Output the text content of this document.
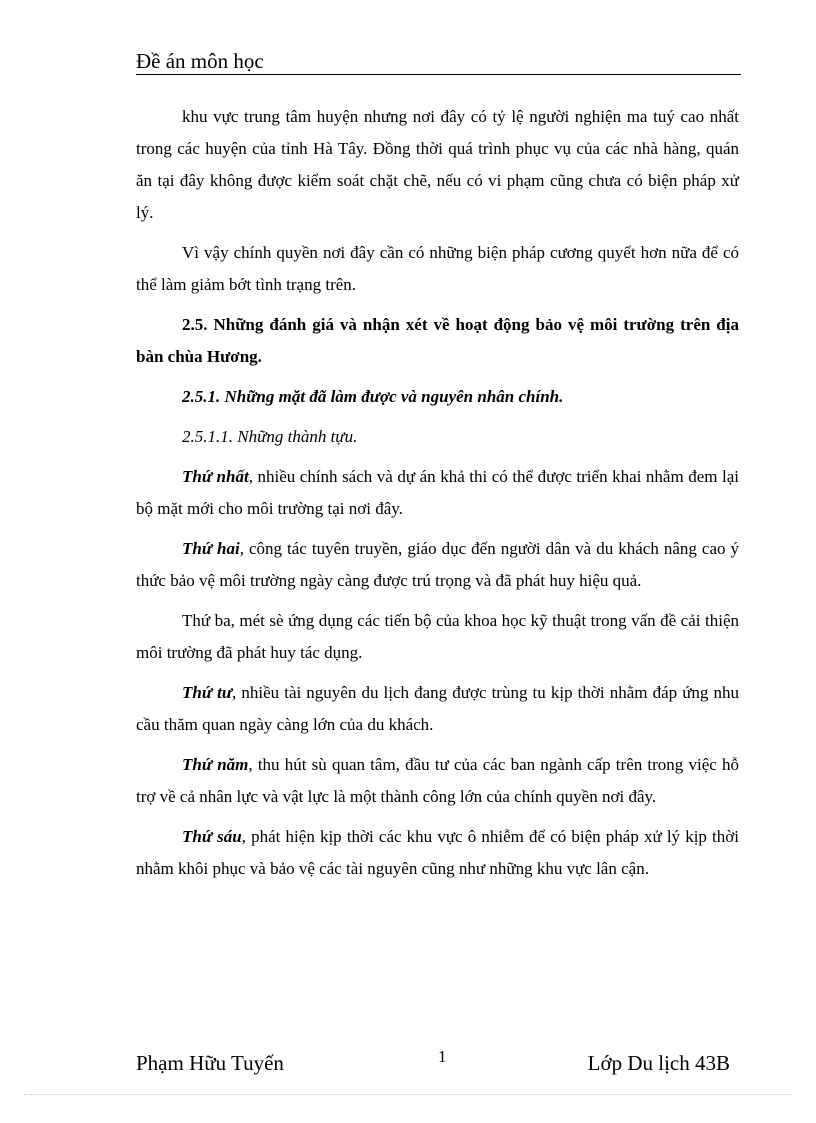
Đề án môn học

khu vực trung tâm huyện nhưng nơi đây có tỷ lệ người nghiện ma tuý cao nhất trong các huyện của tỉnh Hà Tây. Đồng thời quá trình phục vụ của các nhà hàng, quán ăn tại đây không được kiểm soát chặt chẽ, nếu có vi phạm cũng chưa có biện pháp xử lý.

Vì vậy chính quyền nơi đây cần có những biện pháp cương quyết hơn nữa để có thể làm giảm bớt tình trạng trên.

2.5. Những đánh giá và nhận xét về hoạt động bảo vệ môi trường trên địa bàn chùa Hương.

2.5.1. Những mặt đã làm được và nguyên nhân chính.

2.5.1.1. Những thành tựu.

Thứ nhất, nhiều chính sách và dự án khả thi có thể được triển khai nhằm đem lại bộ mặt mới cho môi trường tại nơi đây.

Thứ hai, công tác tuyên truyền, giáo dục đến người dân và du khách nâng cao ý thức bảo vệ môi trường ngày càng được trú trọng và đã phát huy hiệu quả.

Thứ ba, mét sè ứng dụng các tiến bộ của khoa học kỹ thuật trong vấn đề cải thiện môi trường đã phát huy tác dụng.

Thứ tư, nhiều tài nguyên du lịch đang được trùng tu kịp thời nhằm đáp ứng nhu cầu thăm quan ngày càng lớn của du khách.

Thứ năm, thu hút sù quan tâm, đầu tư của các ban ngành cấp trên trong việc hỗ trợ về cả nhân lực và vật lực là một thành công lớn của chính quyền nơi đây.

Thứ sáu, phát hiện kịp thời các khu vực ô nhiễm để có biện pháp xử lý kịp thời nhằm khôi phục và bảo vệ các tài nguyên cũng như những khu vực lân cận.

Phạm Hữu Tuyến	1	Lớp Du lịch 43B
